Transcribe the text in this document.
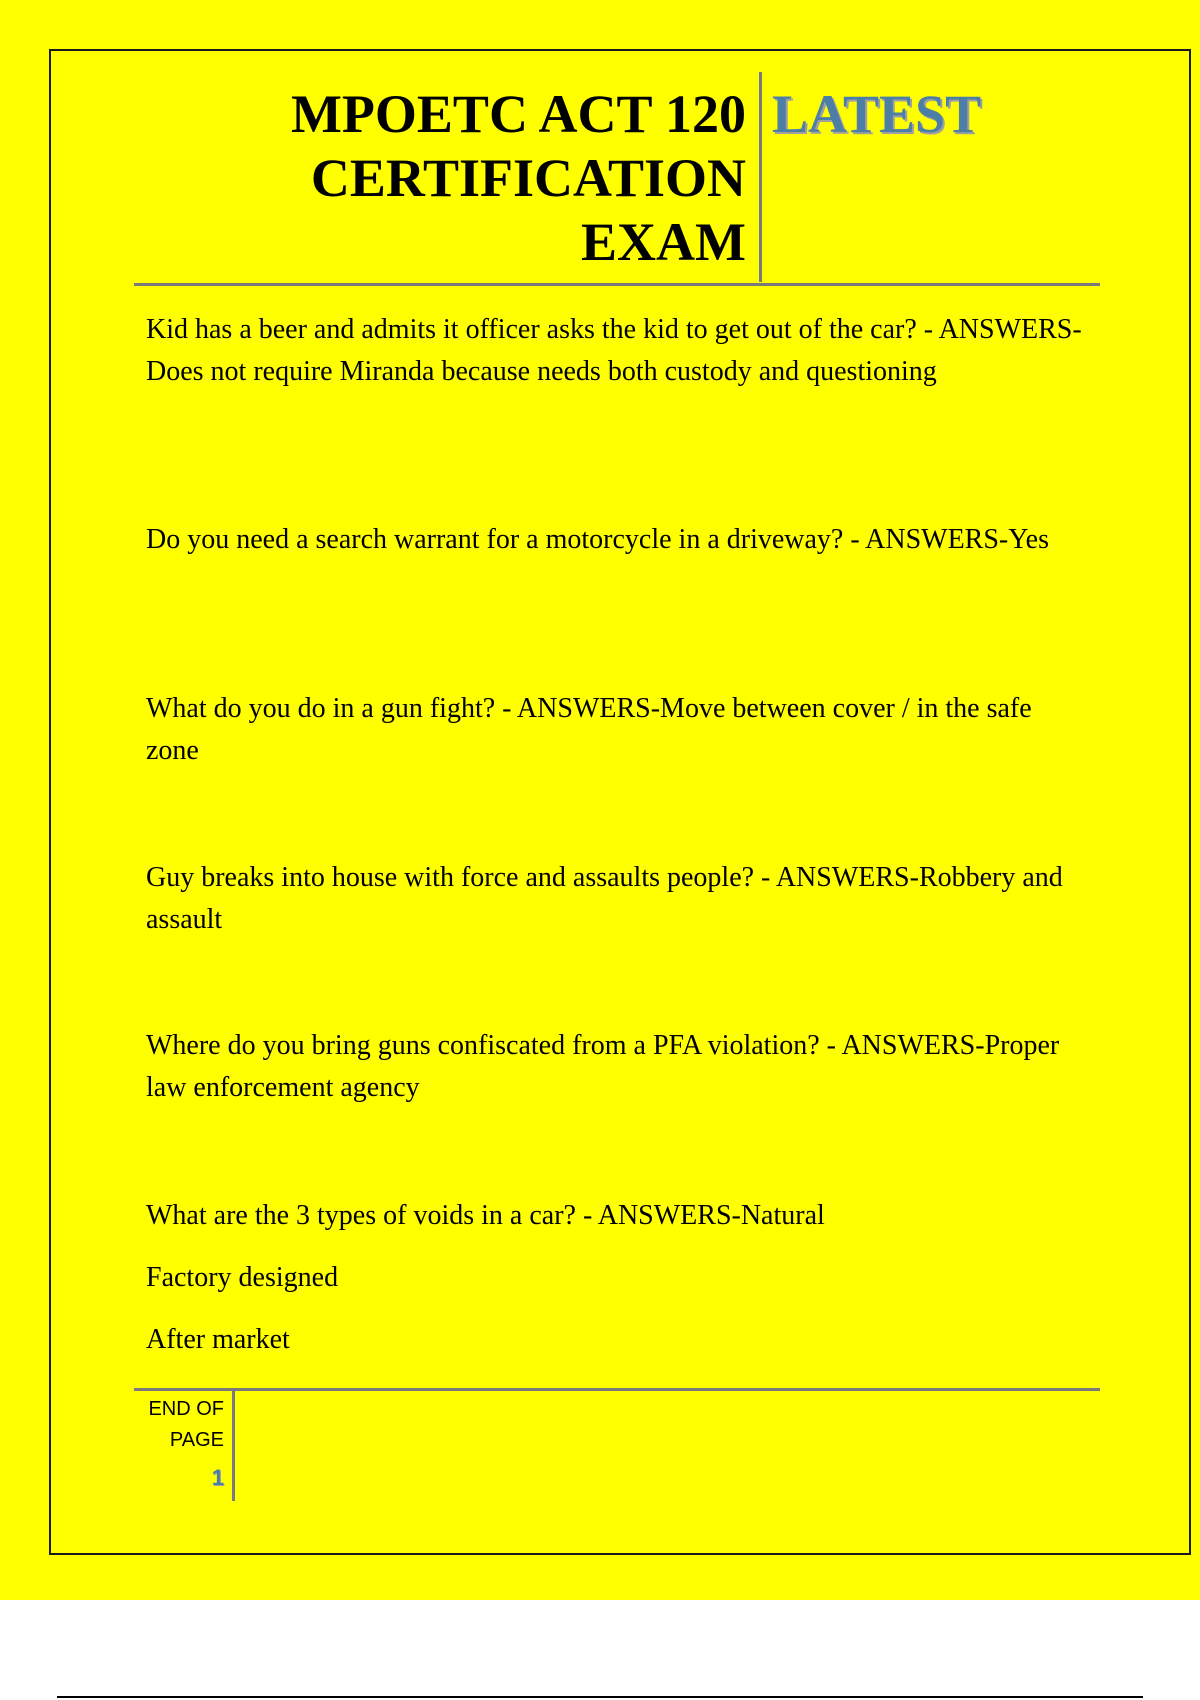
MPOETC ACT 120
CERTIFICATION
EXAM
LATEST

Kid has a beer and admits it officer asks the kid to get out of the car? - ANSWERS-Does not require Miranda because needs both custody and questioning

Do you need a search warrant for a motorcycle in a driveway? - ANSWERS-Yes

What do you do in a gun fight? - ANSWERS-Move between cover / in the safe zone

Guy breaks into house with force and assaults people? - ANSWERS-Robbery and assault

Where do you bring guns confiscated from a PFA violation? - ANSWERS-Proper law enforcement agency

What are the 3 types of voids in a car? - ANSWERS-Natural

Factory designed

After market

END OF
PAGE
1
